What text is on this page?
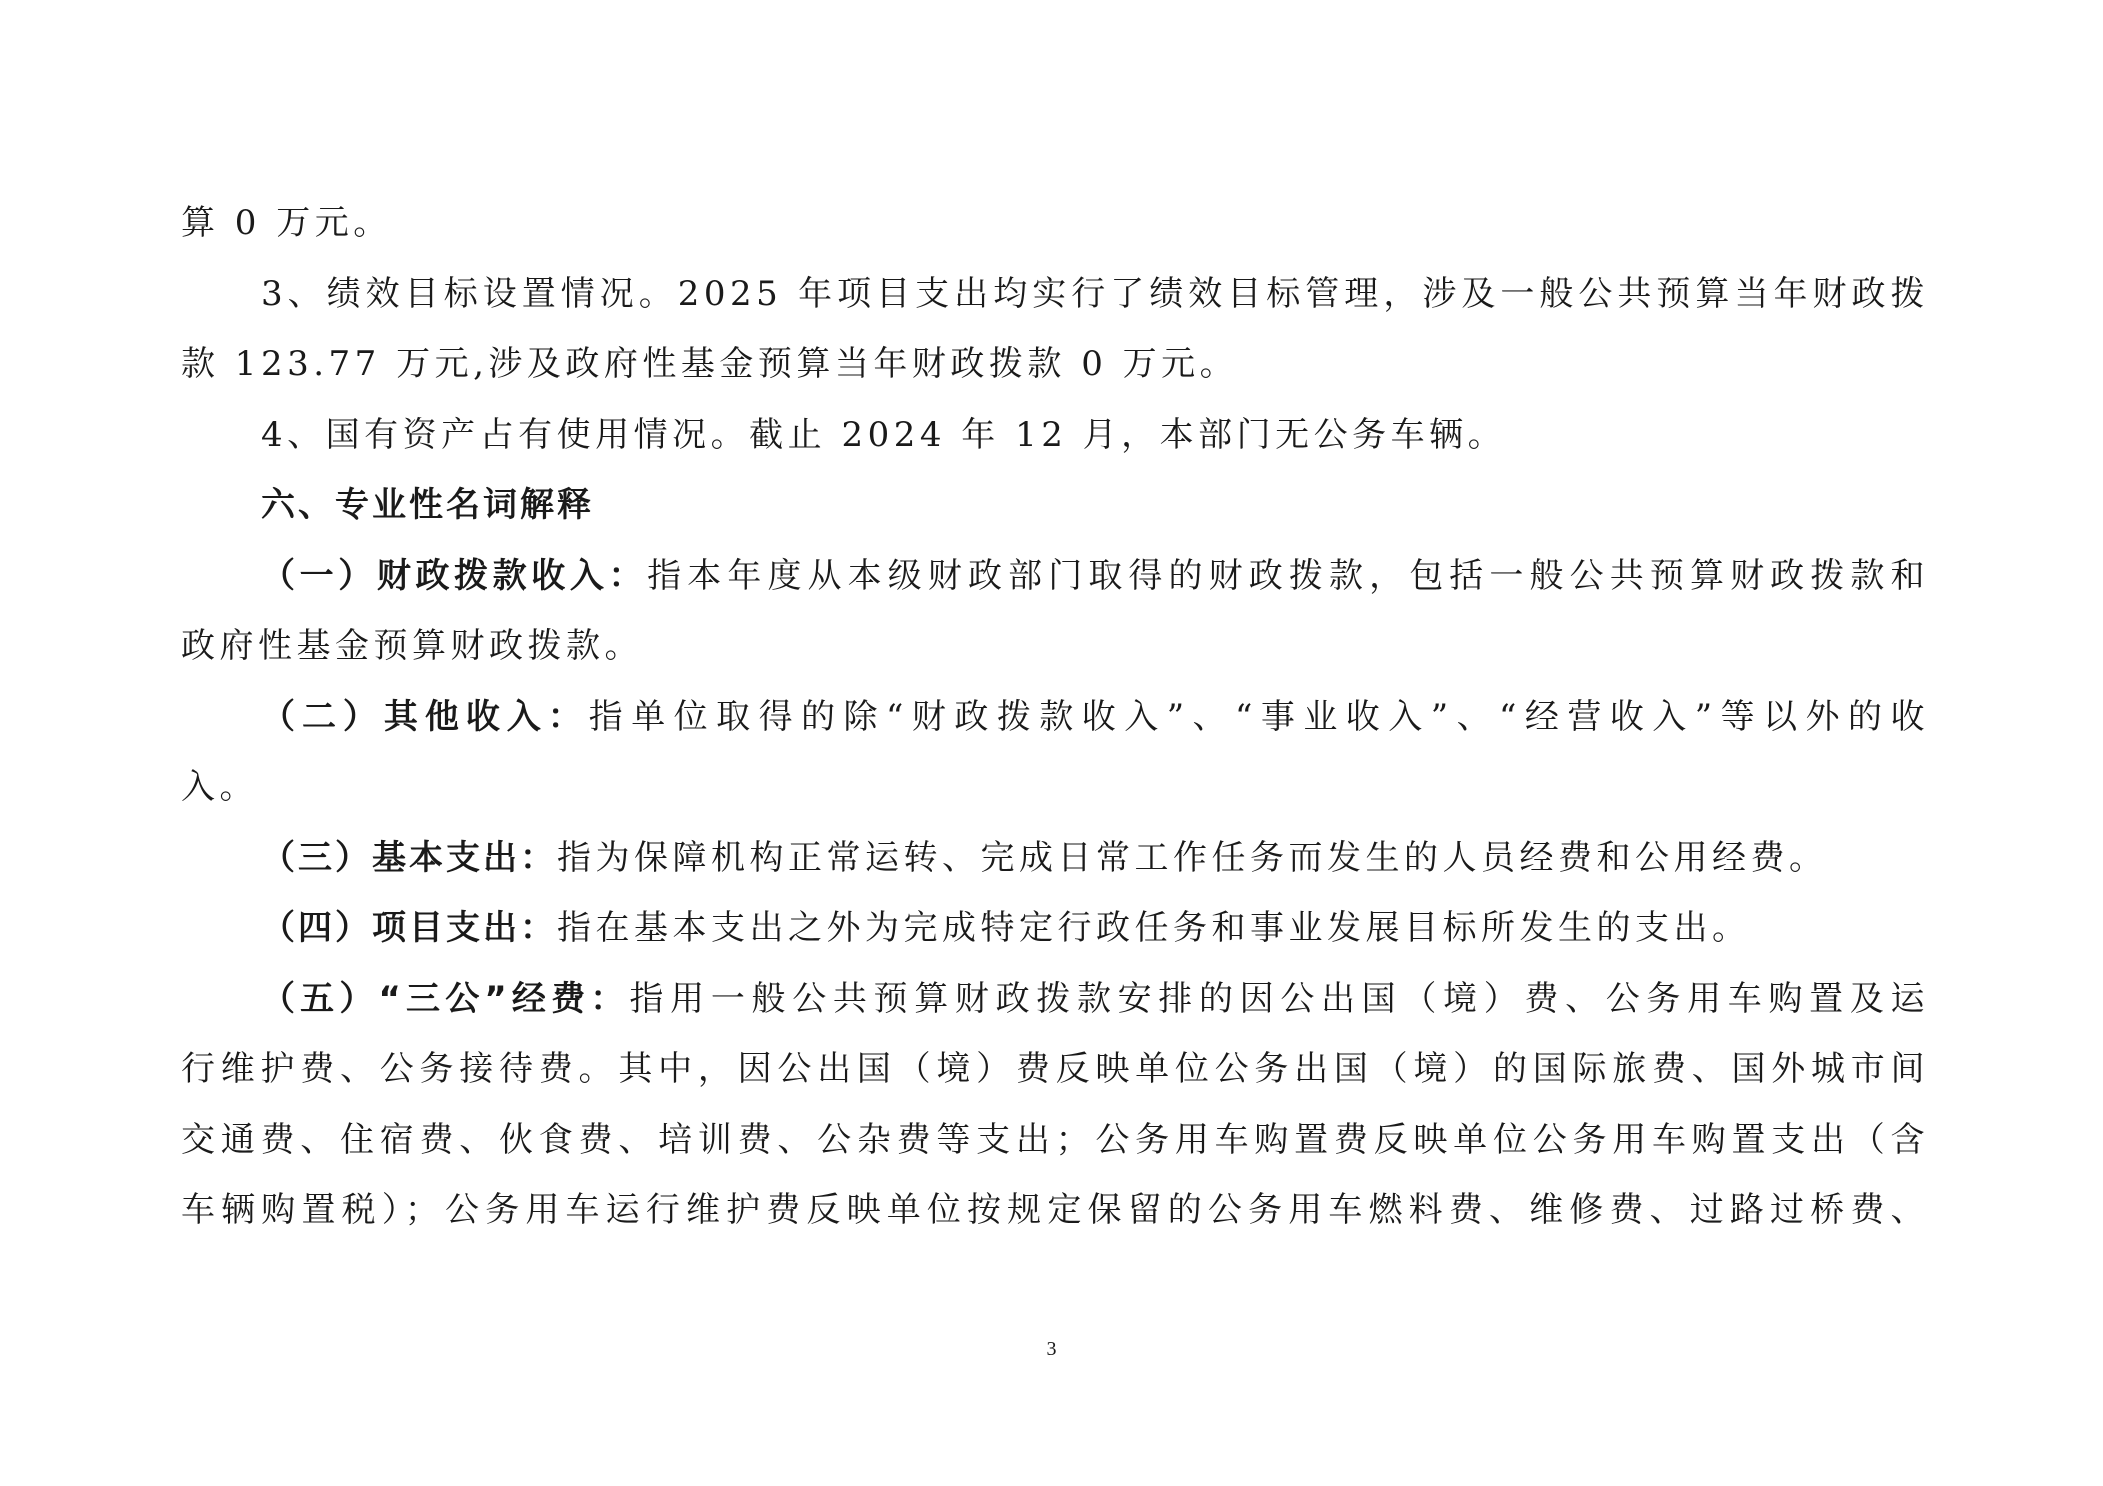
算 0 万元。
3、绩效目标设置情况。2025 年项目支出均实行了绩效目标管理，涉及一般公共预算当年财政拨
款 123.77 万元,涉及政府性基金预算当年财政拨款 0 万元。
4、国有资产占有使用情况。截止 2024 年 12 月，本部门无公务车辆。
六、专业性名词解释
（一）财政拨款收入：指本年度从本级财政部门取得的财政拨款，包括一般公共预算财政拨款和
政府性基金预算财政拨款。
（二）其他收入：指单位取得的除“财政拨款收入”、“事业收入”、“经营收入”等以外的收
入。
（三）基本支出：指为保障机构正常运转、完成日常工作任务而发生的人员经费和公用经费。
（四）项目支出：指在基本支出之外为完成特定行政任务和事业发展目标所发生的支出。
（五）“三公”经费：指用一般公共预算财政拨款安排的因公出国（境）费、公务用车购置及运
行维护费、公务接待费。其中，因公出国（境）费反映单位公务出国（境）的国际旅费、国外城市间
交通费、住宿费、伙食费、培训费、公杂费等支出；公务用车购置费反映单位公务用车购置支出（含
车辆购置税）；公务用车运行维护费反映单位按规定保留的公务用车燃料费、维修费、过路过桥费、
3
